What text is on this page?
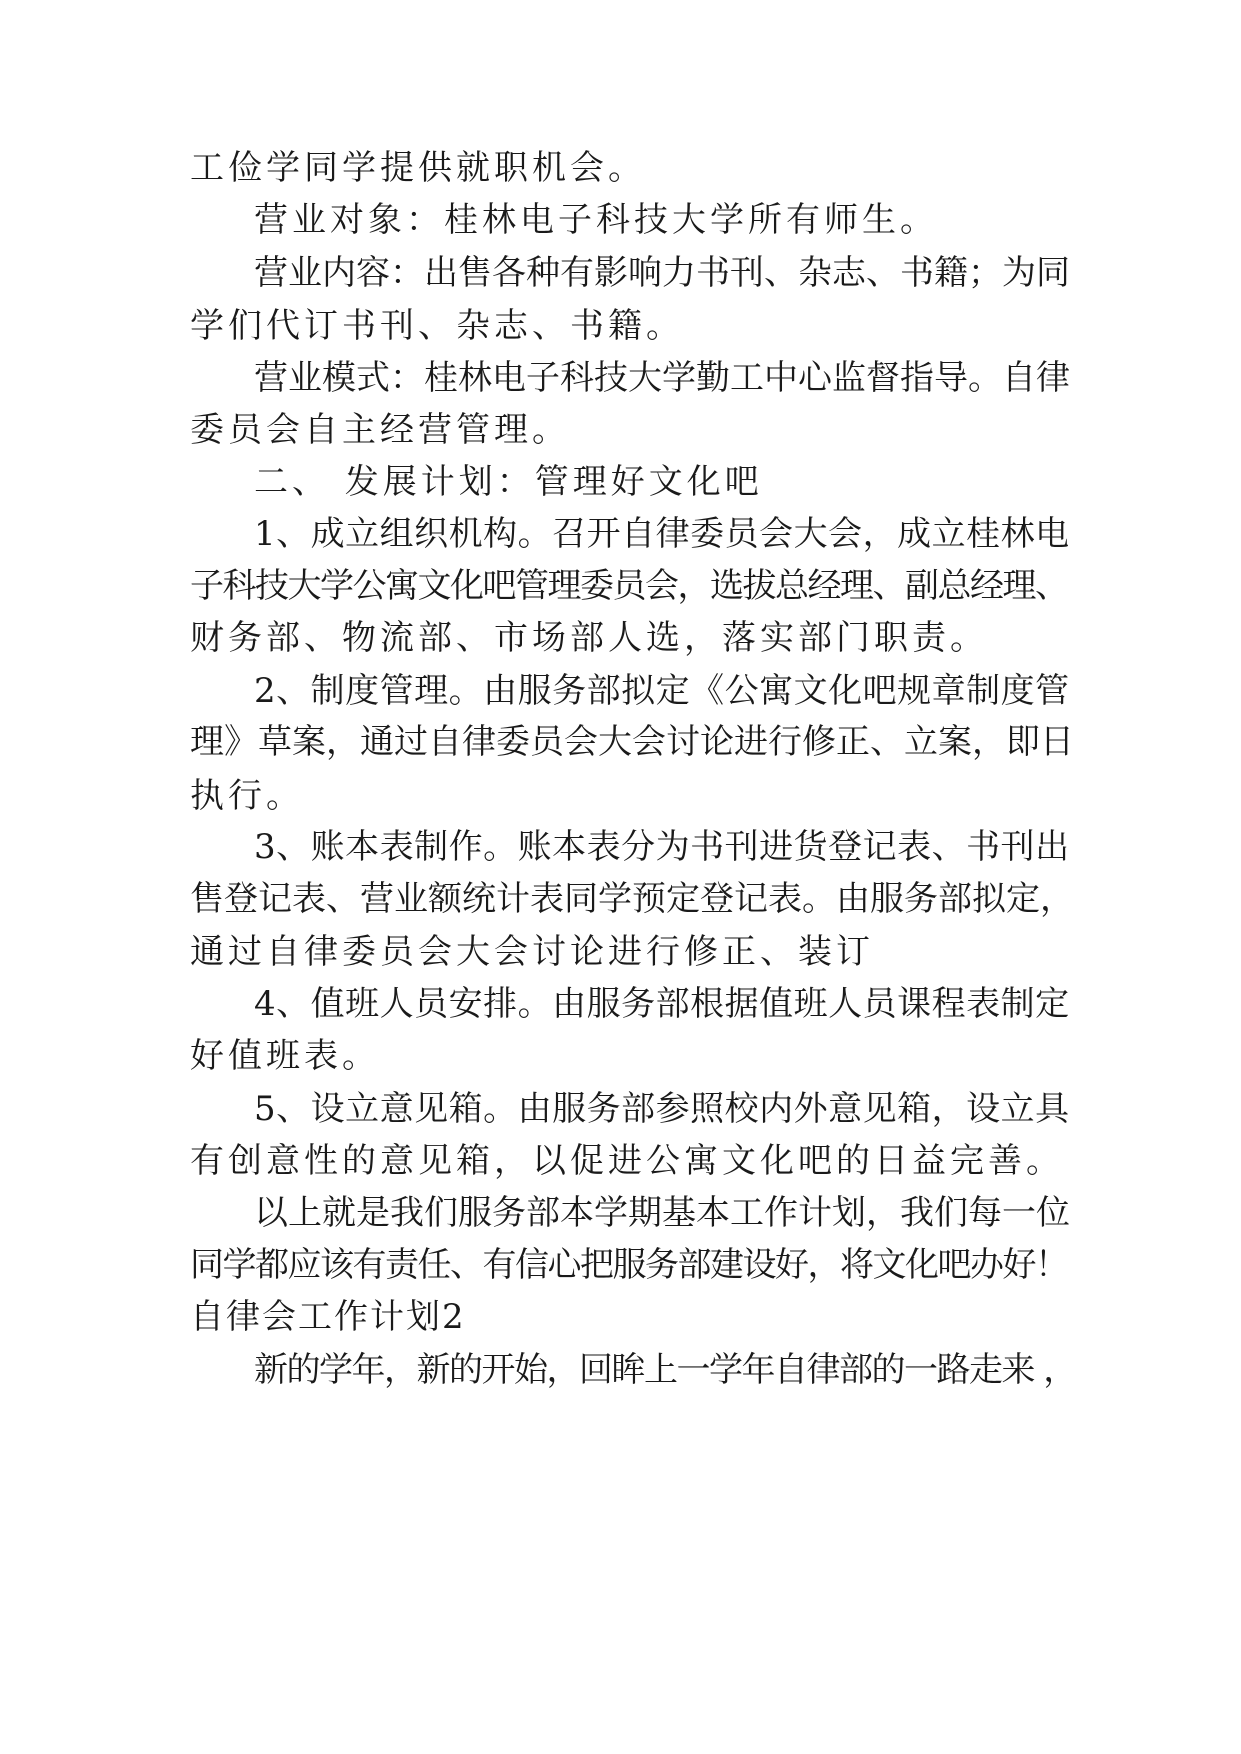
工俭学同学提供就职机会。
营业对象：桂林电子科技大学所有师生。
营业内容：出售各种有影响力书刊、杂志、书籍；为同
学们代订书刊、杂志、书籍。
营业模式：桂林电子科技大学勤工中心监督指导。自律
委员会自主经营管理。
二、 发展计划：管理好文化吧
1、成立组织机构。召开自律委员会大会，成立桂林电
子科技大学公寓文化吧管理委员会，选拔总经理、副总经理、
财务部、物流部、市场部人选，落实部门职责。
2、制度管理。由服务部拟定《公寓文化吧规章制度管
理》草案，通过自律委员会大会讨论进行修正、立案，即日
执行。
3、账本表制作。账本表分为书刊进货登记表、书刊出
售登记表、营业额统计表同学预定登记表。由服务部拟定，
通过自律委员会大会讨论进行修正、装订
4、值班人员安排。由服务部根据值班人员课程表制定
好值班表。
5、设立意见箱。由服务部参照校内外意见箱，设立具
有创意性的意见箱，以促进公寓文化吧的日益完善。
以上就是我们服务部本学期基本工作计划，我们每一位
同学都应该有责任、有信心把服务部建设好，将文化吧办好！
自律会工作计划2
新的学年，新的开始，回眸上一学年自律部的一路走来 ，
